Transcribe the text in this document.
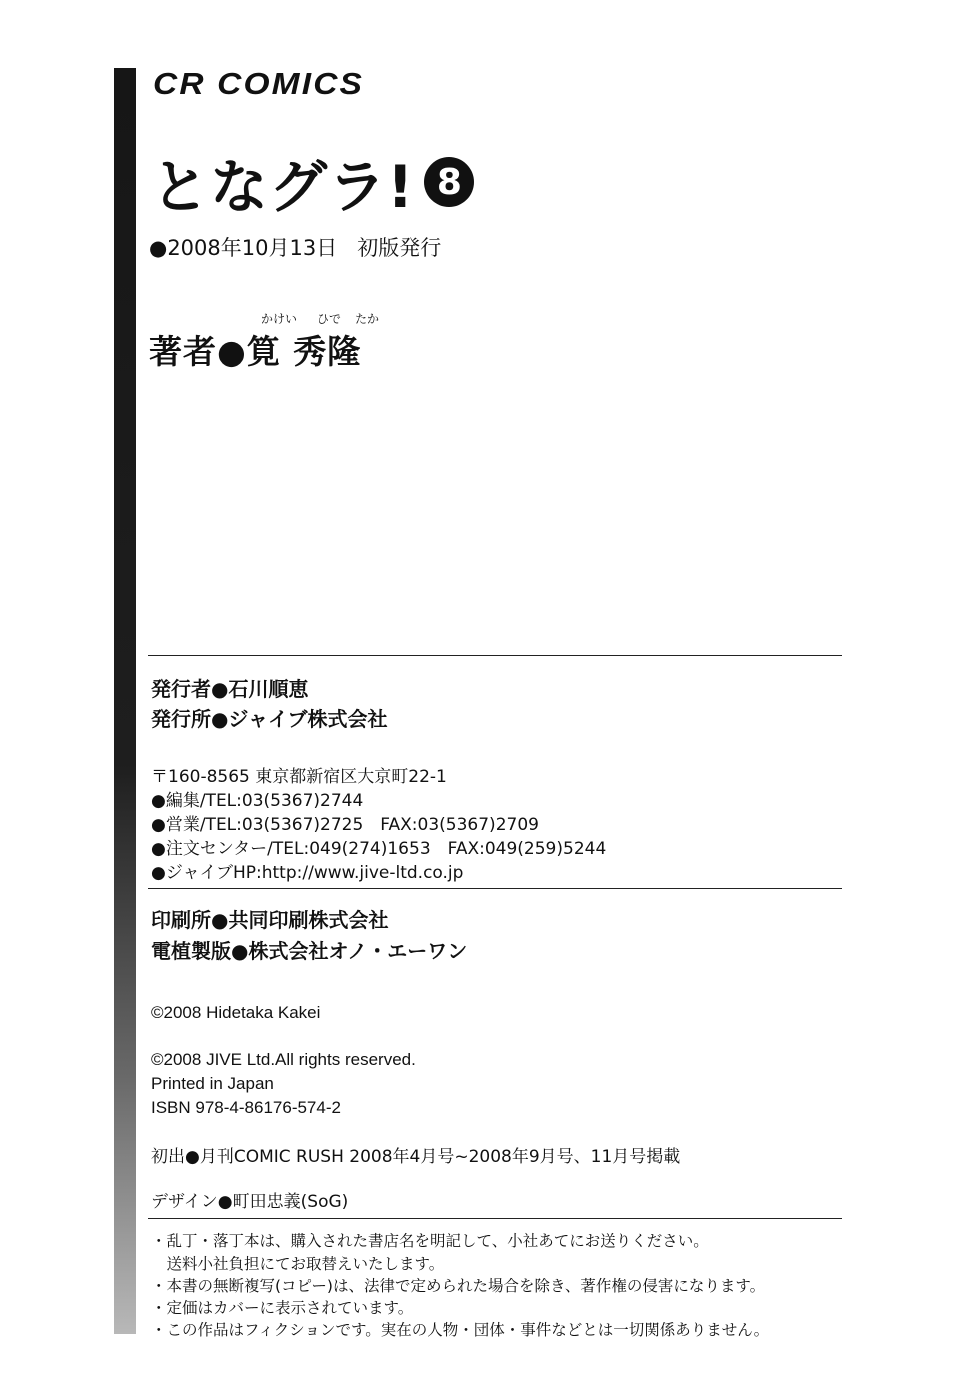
CR COMICS
となグラ! 8
●2008年10月13日 初版発行
かけい ひで たか
著者●筧 秀隆
発行者●石川順恵
発行所●ジャイブ株式会社
〒160-8565 東京都新宿区大京町22-1
●編集/TEL:03(5367)2744
●営業/TEL:03(5367)2725　FAX:03(5367)2709
●注文センター/TEL:049(274)1653　FAX:049(259)5244
●ジャイブHP:http://www.jive-ltd.co.jp
印刷所●共同印刷株式会社
電植製版●株式会社オノ・エーワン
©2008 Hidetaka Kakei
©2008 JIVE Ltd.All rights reserved.
Printed in Japan
ISBN 978-4-86176-574-2
初出●月刊COMIC RUSH 2008年4月号~2008年9月号、11月号掲載
デザイン●町田忠義(SoG)
・乱丁・落丁本は、購入された書店名を明記して、小社あてにお送りください。
　送料小社負担にてお取替えいたします。
・本書の無断複写(コピー)は、法律で定められた場合を除き、著作権の侵害になります。
・定価はカバーに表示されています。
・この作品はフィクションです。実在の人物・団体・事件などとは一切関係ありません。
